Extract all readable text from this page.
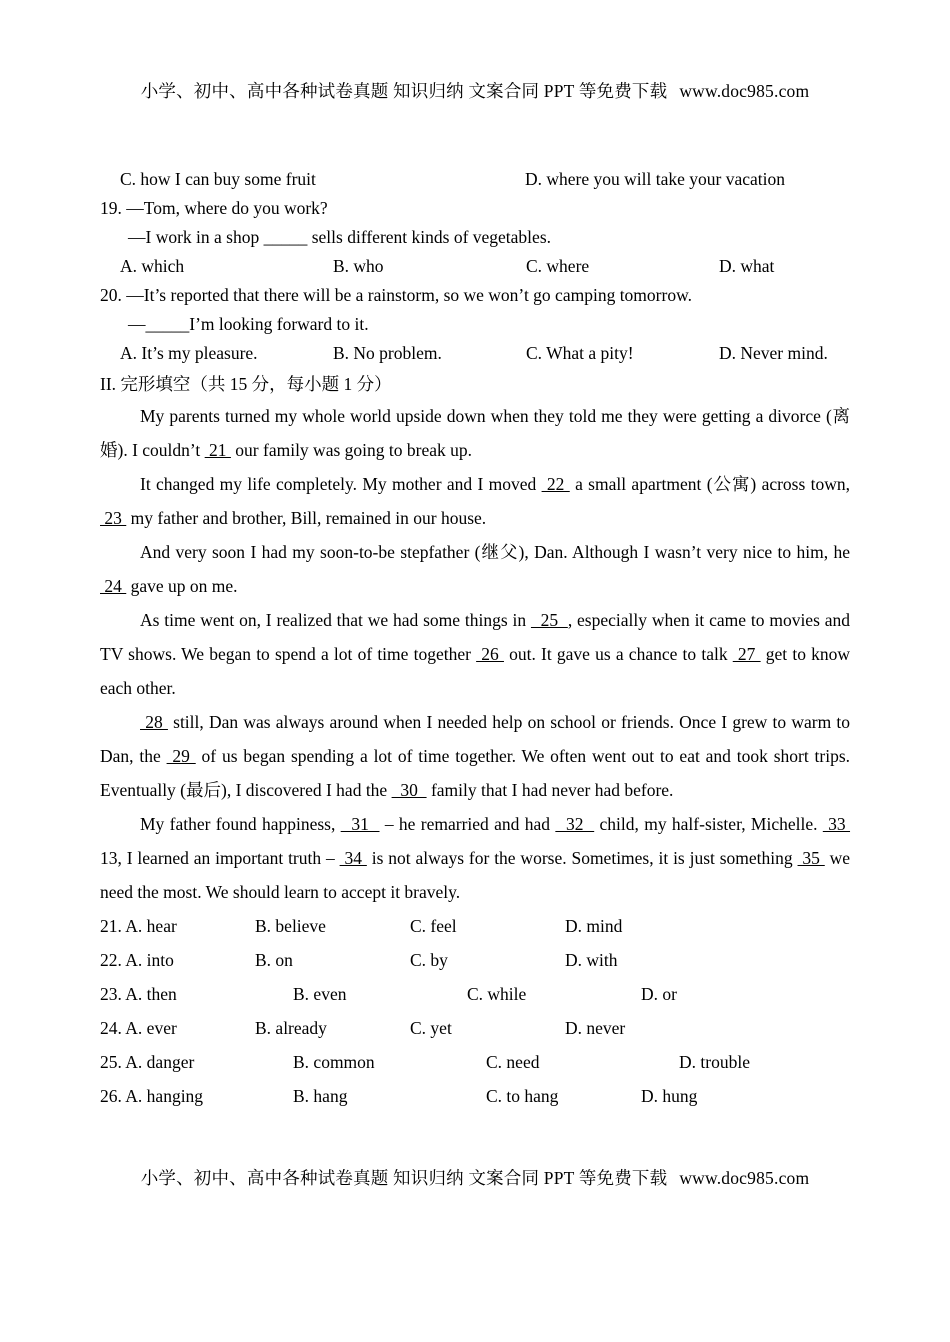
小学、初中、高中各种试卷真题 知识归纳 文案合同 PPT 等免费下载 www.doc985.com
C. how I can buy some fruit	D. where you will take your vacation
19. —Tom, where do you work?
—I work in a shop
_____
sells different kinds of vegetables.
A. which	B. who	C. where	D. what
20. —It’s reported that there will be a rainstorm, so we won’t go camping tomorrow.
— _____ I’m looking forward to it.
A. It’s my pleasure.	B. No problem.	C. What a pity!	D. Never mind.
II. 完形填空（共 15 分，每小题 1 分）

My parents turned my whole world upside down when they told me they were getting a divorce (离婚). I couldn’t  21  our family was going to break up.

It changed my life completely. My mother and I moved  22  a small apartment (公寓) across town,  23  my father and brother, Bill, remained in our house.

And very soon I had my soon-to-be stepfather (继父), Dan. Although I wasn’t very nice to him, he  24  gave up on me.

As time went on, I realized that we had some things in   25  , especially when it came to movies and TV shows. We began to spend a lot of time together  26  out. It gave us a chance to talk  27  get to know each other.

28  still, Dan was always around when I needed help on school or friends. Once I grew to warm to Dan, the  29  of us began spending a lot of time together. We often went out to eat and took short trips. Eventually (最后), I discovered I had the   30   family that I had never had before.

My father found happiness,   31   – he remarried and had   32   child, my half-sister, Michelle.  33  13, I learned an important truth –  34  is not always for the worse. Sometimes, it is just something  35  we need the most. We should learn to accept it bravely.

21. A. hear	B. believe	C. feel	D. mind
22. A. into	B. on	C. by	D. with
23. A. then	B. even	C. while	D. or
24. A. ever	B. already	C. yet	D. never
25. A. danger	B. common	C. need	D. trouble
26. A. hanging	B. hang	C. to hang	D. hung
小学、初中、高中各种试卷真题 知识归纳 文案合同 PPT 等免费下载 www.doc985.com
